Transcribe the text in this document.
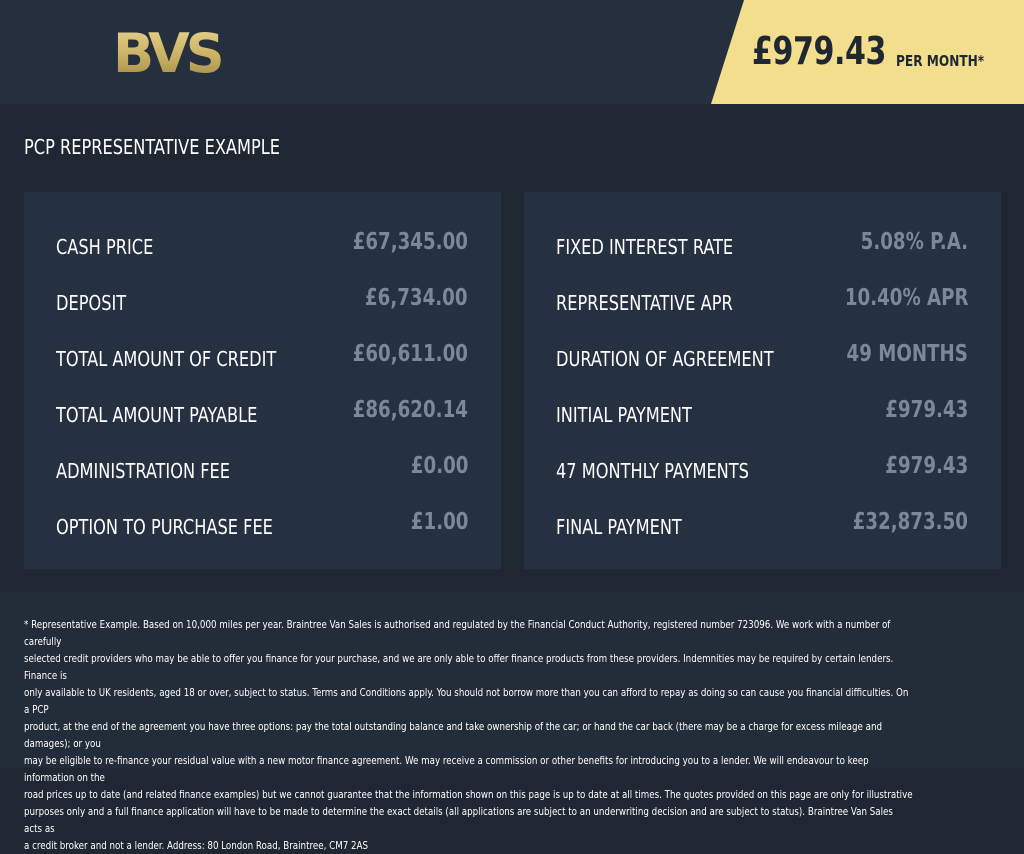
BVS	£979.43 PER MONTH*
PCP REPRESENTATIVE EXAMPLE
CASH PRICE	£67,345.00
DEPOSIT	£6,734.00
TOTAL AMOUNT OF CREDIT	£60,611.00
TOTAL AMOUNT PAYABLE	£86,620.14
ADMINISTRATION FEE	£0.00
OPTION TO PURCHASE FEE	£1.00
FIXED INTEREST RATE	5.08% P.A.
REPRESENTATIVE APR	10.40% APR
DURATION OF AGREEMENT	49 MONTHS
INITIAL PAYMENT	£979.43
47 MONTHLY PAYMENTS	£979.43
FINAL PAYMENT	£32,873.50
* Representative Example. Based on 10,000 miles per year. Braintree Van Sales is authorised and regulated by the Financial Conduct Authority, registered number 723096. We work with a number of carefully
selected credit providers who may be able to offer you finance for your purchase, and we are only able to offer finance products from these providers. Indemnities may be required by certain lenders. Finance is
only available to UK residents, aged 18 or over, subject to status. Terms and Conditions apply. You should not borrow more than you can afford to repay as doing so can cause you financial difficulties. On a PCP
product, at the end of the agreement you have three options: pay the total outstanding balance and take ownership of the car; or hand the car back (there may be a charge for excess mileage and damages); or you
may be eligible to re-finance your residual value with a new motor finance agreement. We may receive a commission or other benefits for introducing you to a lender. We will endeavour to keep information on the
road prices up to date (and related finance examples) but we cannot guarantee that the information shown on this page is up to date at all times. The quotes provided on this page are only for illustrative
purposes only and a full finance application will have to be made to determine the exact details (all applications are subject to an underwriting decision and are subject to status). Braintree Van Sales acts as
a credit broker and not a lender. Address: 80 London Road, Braintree, CM7 2AS
